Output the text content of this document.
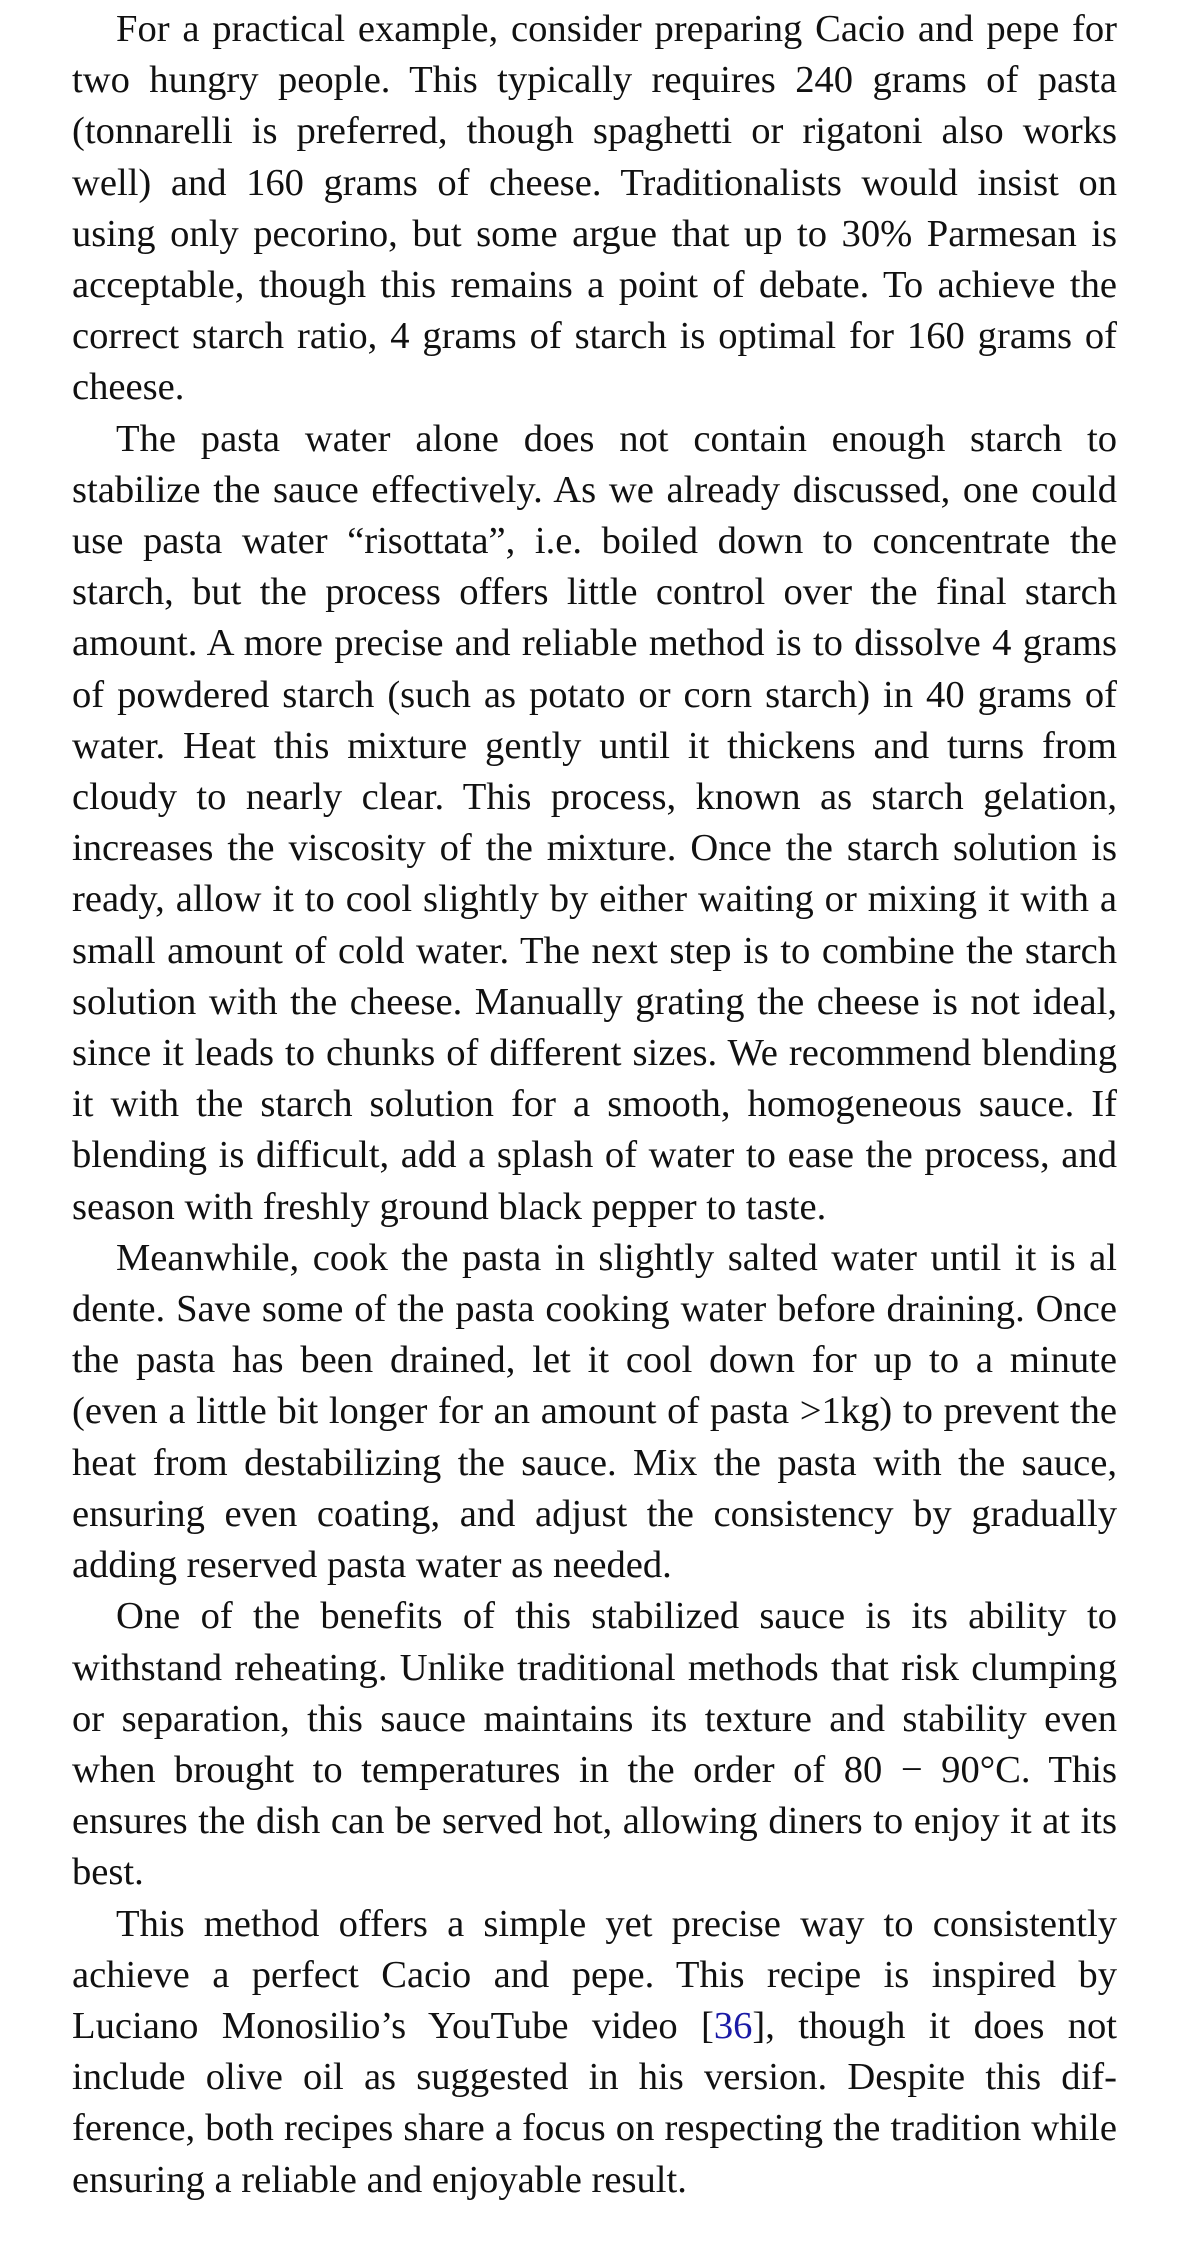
For a practical example, consider preparing Cacio and pepe for two hungry people. This typically requires 240 grams of pasta (tonnarelli is preferred, though spaghetti or rigatoni also works well) and 160 grams of cheese. Traditionalists would insist on using only pecorino, but some argue that up to 30% Parmesan is acceptable, though this remains a point of debate. To achieve the correct starch ratio, 4 grams of starch is optimal for 160 grams of cheese.

The pasta water alone does not contain enough starch to stabilize the sauce effectively. As we already discussed, one could use pasta water “risottata”, i.e. boiled down to concentrate the starch, but the process offers little control over the final starch amount. A more precise and reliable method is to dissolve 4 grams of powdered starch (such as potato or corn starch) in 40 grams of water. Heat this mixture gently until it thickens and turns from cloudy to nearly clear. This process, known as starch gelation, increases the viscosity of the mixture. Once the starch solution is ready, allow it to cool slightly by either waiting or mixing it with a small amount of cold water. The next step is to combine the starch solution with the cheese. Manually grating the cheese is not ideal, since it leads to chunks of different sizes. We recommend blending it with the starch solution for a smooth, homogeneous sauce. If blending is difficult, add a splash of water to ease the process, and season with freshly ground black pepper to taste.

Meanwhile, cook the pasta in slightly salted water until it is al dente. Save some of the pasta cooking water before draining. Once the pasta has been drained, let it cool down for up to a minute (even a little bit longer for an amount of pasta >1kg) to prevent the heat from destabilizing the sauce. Mix the pasta with the sauce, ensuring even coating, and adjust the consistency by gradually adding reserved pasta water as needed.

One of the benefits of this stabilized sauce is its ability to withstand reheating. Unlike traditional methods that risk clumping or separation, this sauce maintains its texture and stability even when brought to temperatures in the order of 80 − 90°C. This ensures the dish can be served hot, allowing diners to enjoy it at its best.

This method offers a simple yet precise way to consistently achieve a perfect Cacio and pepe. This recipe is inspired by Luciano Monosilio’s YouTube video [36], though it does not include olive oil as suggested in his version. Despite this difference, both recipes share a focus on respecting the tradition while ensuring a reliable and enjoyable result.
